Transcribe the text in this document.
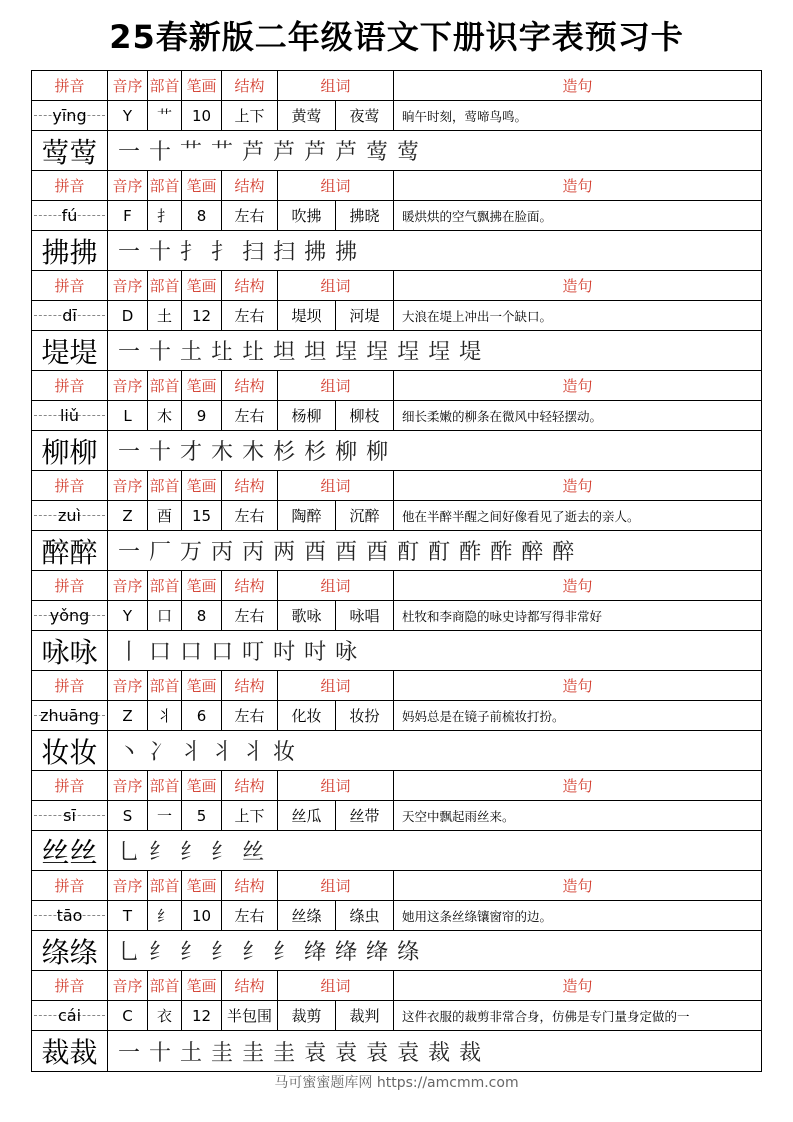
25春新版二年级语文下册识字表预习卡
拼音	音序 部首 笔画	结构	组词	造句
yīng	Y	艹	10	上下	黄莺	夜莺	晌午时刻，莺啼鸟鸣。
莺 莺 一 十 艹 艹 芦 芦 芦 芦 莺 莺
拼音	音序 部首 笔画	结构	组词	造句
fú	F	扌	8	左右	吹拂	拂晓	暖烘烘的空气飘拂在脸面。
拂 拂 一 十 扌 扌 扫 扫 拂 拂
拼音	音序 部首 笔画	结构	组词	造句
dī	D	土	12	左右	堤坝	河堤	大浪在堤上冲出一个缺口。
堤 堤 一 十 土 圵 圵 坦 坦 埕 埕 埕 埕 堤
拼音	音序 部首 笔画	结构	组词	造句
liǔ	L	木	9	左右	杨柳	柳枝	细长柔嫩的柳条在微风中轻轻摆动。
柳 柳 一 十 才 木 木 杉 杉 柳 柳
拼音	音序 部首 笔画	结构	组词	造句
zuì	Z	酉	15	左右	陶醉	沉醉	他在半醉半醒之间好像看见了逝去的亲人。
醉 醉 一 厂 万 丙 丙 两 酉 酉 酉 酊 酊 酢 酢 醉 醉
拼音	音序 部首 笔画	结构	组词	造句
yǒng	Y	口	8	左右	歌咏	咏唱	杜牧和李商隐的咏史诗都写得非常好
咏 咏 丨 口 口 口 叮 吋 吋 咏
拼音	音序 部首 笔画	结构	组词	造句
zhuāng	Z	丬	6	左右	化妆	妆扮	妈妈总是在镜子前梳妆打扮。
妆 妆 丶 冫 丬 丬 丬 妆
拼音	音序 部首 笔画	结构	组词	造句
sī	S	一	5	上下	丝瓜	丝带	天空中飘起雨丝来。
丝 丝 乚 纟 纟 纟 丝
拼音	音序 部首 笔画	结构	组词	造句
tāo	T	纟	10	左右	丝绦	绦虫	她用这条丝绦镶窗帘的边。
绦 绦 乚 纟 纟 纟 纟 纟 绛 绛 绛 绦
拼音	音序 部首 笔画	结构	组词	造句
cái	C	衣	12	半包围	裁剪	裁判	这件衣服的裁剪非常合身，仿佛是专门量身定做的一
裁 裁 一 十 土 圭 圭 圭 袁 袁 袁 袁 裁 裁
马可蜜蜜题库网 https://amcmm.com
